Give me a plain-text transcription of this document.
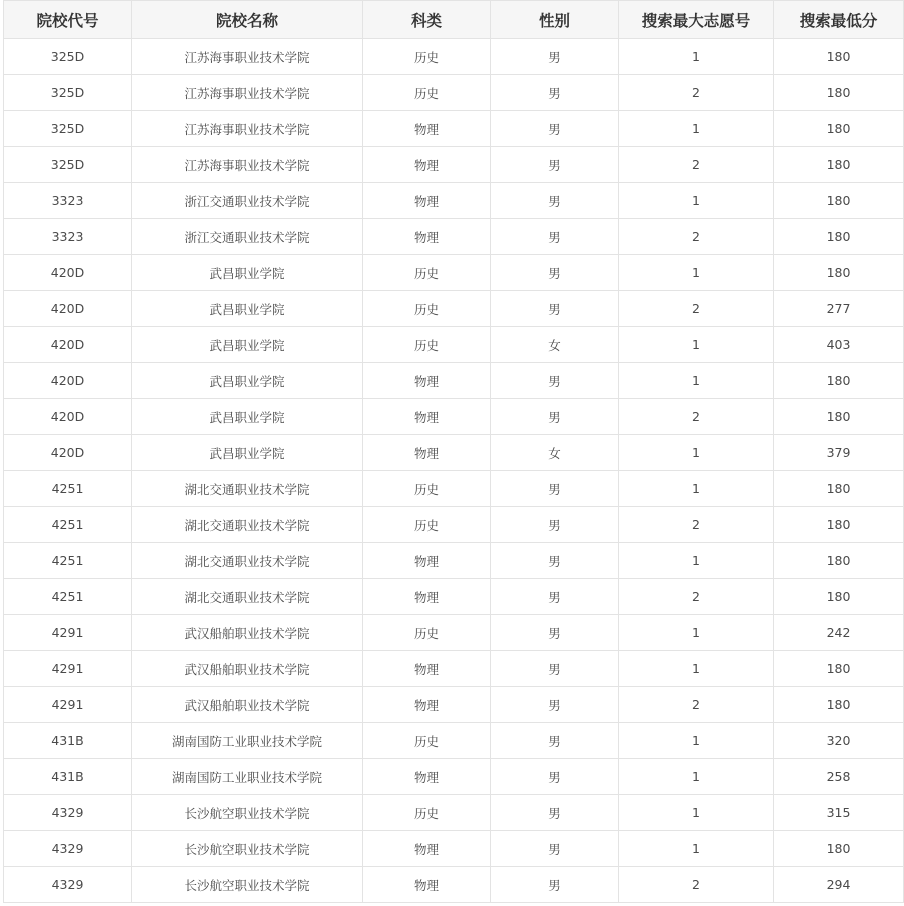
院校代号	院校名称	科类	性别	搜索最大志愿号	搜索最低分
325D	江苏海事职业技术学院	历史	男	1	180
325D	江苏海事职业技术学院	历史	男	2	180
325D	江苏海事职业技术学院	物理	男	1	180
325D	江苏海事职业技术学院	物理	男	2	180
3323	浙江交通职业技术学院	物理	男	1	180
3323	浙江交通职业技术学院	物理	男	2	180
420D	武昌职业学院	历史	男	1	180
420D	武昌职业学院	历史	男	2	277
420D	武昌职业学院	历史	女	1	403
420D	武昌职业学院	物理	男	1	180
420D	武昌职业学院	物理	男	2	180
420D	武昌职业学院	物理	女	1	379
4251	湖北交通职业技术学院	历史	男	1	180
4251	湖北交通职业技术学院	历史	男	2	180
4251	湖北交通职业技术学院	物理	男	1	180
4251	湖北交通职业技术学院	物理	男	2	180
4291	武汉船舶职业技术学院	历史	男	1	242
4291	武汉船舶职业技术学院	物理	男	1	180
4291	武汉船舶职业技术学院	物理	男	2	180
431B	湖南国防工业职业技术学院	历史	男	1	320
431B	湖南国防工业职业技术学院	物理	男	1	258
4329	长沙航空职业技术学院	历史	男	1	315
4329	长沙航空职业技术学院	物理	男	1	180
4329	长沙航空职业技术学院	物理	男	2	294
